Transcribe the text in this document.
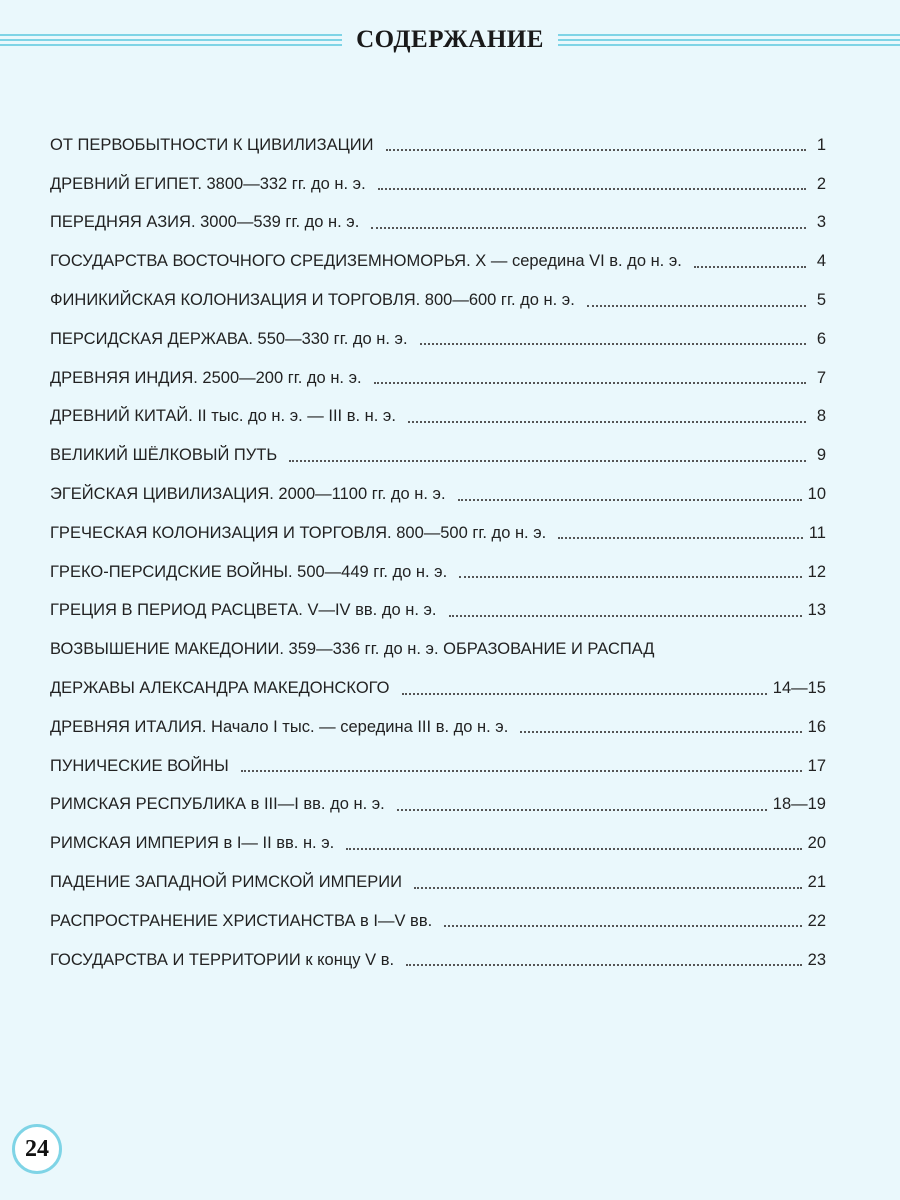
СОДЕРЖАНИЕ
ОТ ПЕРВОБЫТНОСТИ К ЦИВИЛИЗАЦИИ	1
ДРЕВНИЙ ЕГИПЕТ. 3800—332 гг. до н. э.	2
ПЕРЕДНЯЯ АЗИЯ. 3000—539 гг. до н. э.	3
ГОСУДАРСТВА ВОСТОЧНОГО СРЕДИЗЕМНОМОРЬЯ. X — середина VI в. до н. э.	4
ФИНИКИЙСКАЯ КОЛОНИЗАЦИЯ И ТОРГОВЛЯ. 800—600 гг. до н. э.	5
ПЕРСИДСКАЯ ДЕРЖАВА. 550—330 гг. до н. э.	6
ДРЕВНЯЯ ИНДИЯ. 2500—200 гг. до н. э.	7
ДРЕВНИЙ КИТАЙ. II тыс. до н. э. — III в. н. э.	8
ВЕЛИКИЙ ШЁЛКОВЫЙ ПУТЬ	9
ЭГЕЙСКАЯ ЦИВИЛИЗАЦИЯ. 2000—1100 гг. до н. э.	10
ГРЕЧЕСКАЯ КОЛОНИЗАЦИЯ И ТОРГОВЛЯ. 800—500 гг. до н. э.	11
ГРЕКО-ПЕРСИДСКИЕ ВОЙНЫ. 500—449 гг. до н. э.	12
ГРЕЦИЯ В ПЕРИОД РАСЦВЕТА. V—IV вв. до н. э.	13
ВОЗВЫШЕНИЕ МАКЕДОНИИ. 359—336 гг. до н. э. ОБРАЗОВАНИЕ И РАСПАД
ДЕРЖАВЫ АЛЕКСАНДРА МАКЕДОНСКОГО	14—15
ДРЕВНЯЯ ИТАЛИЯ. Начало I тыс. — середина III в. до н. э.	16
ПУНИЧЕСКИЕ ВОЙНЫ	17
РИМСКАЯ РЕСПУБЛИКА в III—I вв. до н. э.	18—19
РИМСКАЯ ИМПЕРИЯ в I— II вв. н. э.	20
ПАДЕНИЕ ЗАПАДНОЙ РИМСКОЙ ИМПЕРИИ	21
РАСПРОСТРАНЕНИЕ ХРИСТИАНСТВА в I—V вв.	22
ГОСУДАРСТВА И ТЕРРИТОРИИ к концу V в.	23
24
